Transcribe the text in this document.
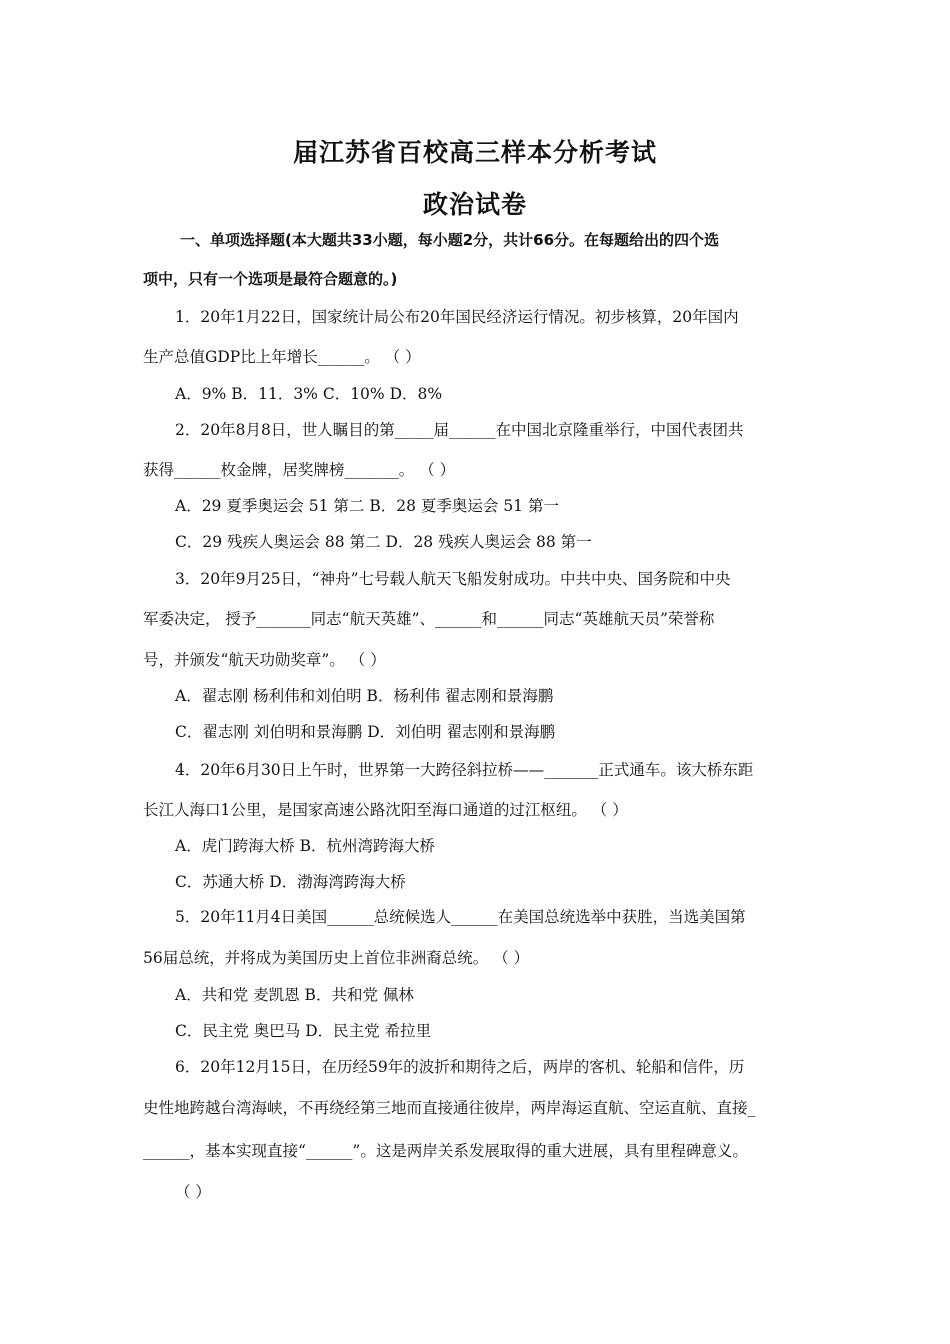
届江苏省百校高三样本分析考试
政治试卷
一、单项选择题(本大题共33小题，每小题2分，共计66分。在每题给出的四个选
项中，只有一个选项是最符合题意的。)
1．20年1月22日，国家统计局公布20年国民经济运行情况。初步核算，20年国内
生产总值GDP比上年增长______。 （ ）
A．9% B．11．3% C．10% D．8%
2．20年8月8日，世人瞩目的第_____届______在中国北京隆重举行，中国代表团共
获得______枚金牌，居奖牌榜_______。 （ ）
A．29 夏季奥运会 51 第二 B．28 夏季奥运会 51 第一
C．29 残疾人奥运会 88 第二 D．28 残疾人奥运会 88 第一
3．20年9月25日，“神舟”七号载人航天飞船发射成功。中共中央、国务院和中央
军委决定， 授予_______同志“航天英雄”、______和______同志“英雄航天员”荣誉称
号，并颁发“航天功勋奖章”。 （ ）
A．翟志刚 杨利伟和刘伯明 B．杨利伟 翟志刚和景海鹏
C．翟志刚 刘伯明和景海鹏 D．刘伯明 翟志刚和景海鹏
4．20年6月30日上午时，世界第一大跨径斜拉桥——_______正式通车。该大桥东距
长江人海口1公里，是国家高速公路沈阳至海口通道的过江枢纽。 （ ）
A．虎门跨海大桥 B．杭州湾跨海大桥
C．苏通大桥 D．渤海湾跨海大桥
5．20年11月4日美国______总统候选人______在美国总统选举中获胜，当选美国第
56届总统，并将成为美国历史上首位非洲裔总统。 （ ）
A．共和党 麦凯恩 B．共和党 佩林
C．民主党 奥巴马 D．民主党 希拉里
6．20年12月15日，在历经59年的波折和期待之后，两岸的客机、轮船和信件，历
史性地跨越台湾海峡，不再绕经第三地而直接通往彼岸，两岸海运直航、空运直航、直接_
______，基本实现直接“______”。这是两岸关系发展取得的重大进展，具有里程碑意义。
（ ）
